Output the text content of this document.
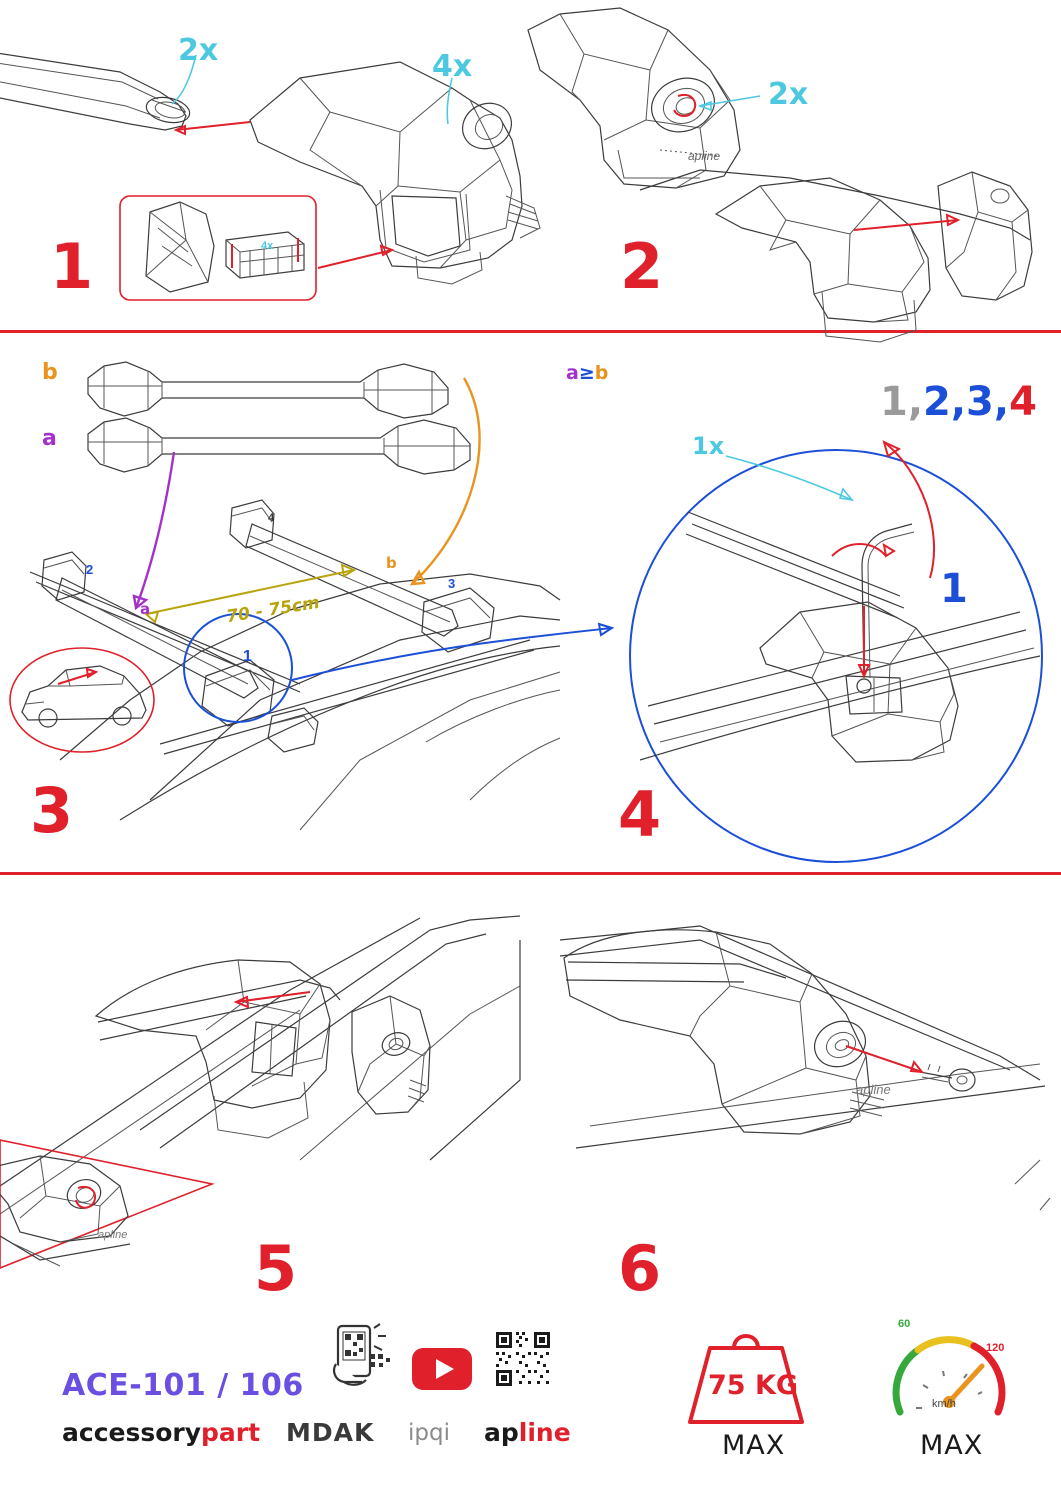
2x	4x
4x
1
apline
2x
2
b
a
a≥b
a
b
70 - 75cm
1
2
3
4
3
1x
1,2,3,4
1
4
apline 5
apline
6
ACE-101 / 106
accessorypart MDAK ipqi apline
75 KG
MAX
60
120
km/h
MAX
